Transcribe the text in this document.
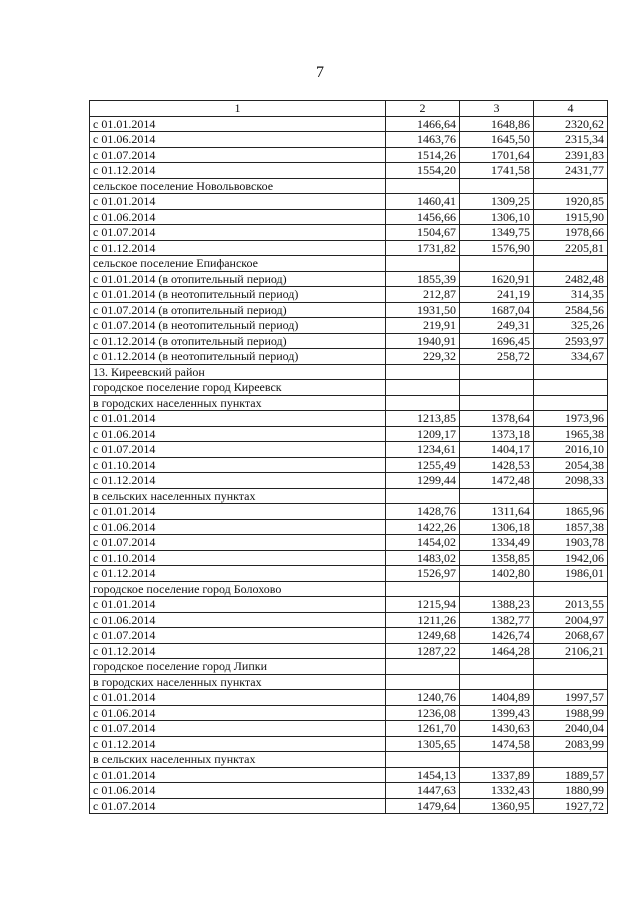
7
1	2	3	4
с 01.01.2014	1466,64	1648,86	2320,62
с 01.06.2014	1463,76	1645,50	2315,34
с 01.07.2014	1514,26	1701,64	2391,83
с 01.12.2014	1554,20	1741,58	2431,77
сельское поселение Новольвовское			
с 01.01.2014	1460,41	1309,25	1920,85
с 01.06.2014	1456,66	1306,10	1915,90
с 01.07.2014	1504,67	1349,75	1978,66
с 01.12.2014	1731,82	1576,90	2205,81
сельское поселение Епифанское			
с 01.01.2014 (в отопительный период)	1855,39	1620,91	2482,48
с 01.01.2014 (в неотопительный период)	212,87	241,19	314,35
с 01.07.2014 (в отопительный период)	1931,50	1687,04	2584,56
с 01.07.2014 (в неотопительный период)	219,91	249,31	325,26
с 01.12.2014 (в отопительный период)	1940,91	1696,45	2593,97
с 01.12.2014 (в неотопительный период)	229,32	258,72	334,67
13. Киреевский район			
городское поселение город Киреевск			
в городских населенных пунктах			
с 01.01.2014	1213,85	1378,64	1973,96
с 01.06.2014	1209,17	1373,18	1965,38
с 01.07.2014	1234,61	1404,17	2016,10
с 01.10.2014	1255,49	1428,53	2054,38
с 01.12.2014	1299,44	1472,48	2098,33
в сельских населенных пунктах			
с 01.01.2014	1428,76	1311,64	1865,96
с 01.06.2014	1422,26	1306,18	1857,38
с 01.07.2014	1454,02	1334,49	1903,78
с 01.10.2014	1483,02	1358,85	1942,06
с 01.12.2014	1526,97	1402,80	1986,01
городское поселение город Болохово			
с 01.01.2014	1215,94	1388,23	2013,55
с 01.06.2014	1211,26	1382,77	2004,97
с 01.07.2014	1249,68	1426,74	2068,67
с 01.12.2014	1287,22	1464,28	2106,21
городское поселение город Липки			
в городских населенных пунктах			
с 01.01.2014	1240,76	1404,89	1997,57
с 01.06.2014	1236,08	1399,43	1988,99
с 01.07.2014	1261,70	1430,63	2040,04
с 01.12.2014	1305,65	1474,58	2083,99
в сельских населенных пунктах			
с 01.01.2014	1454,13	1337,89	1889,57
с 01.06.2014	1447,63	1332,43	1880,99
с 01.07.2014	1479,64	1360,95	1927,72
